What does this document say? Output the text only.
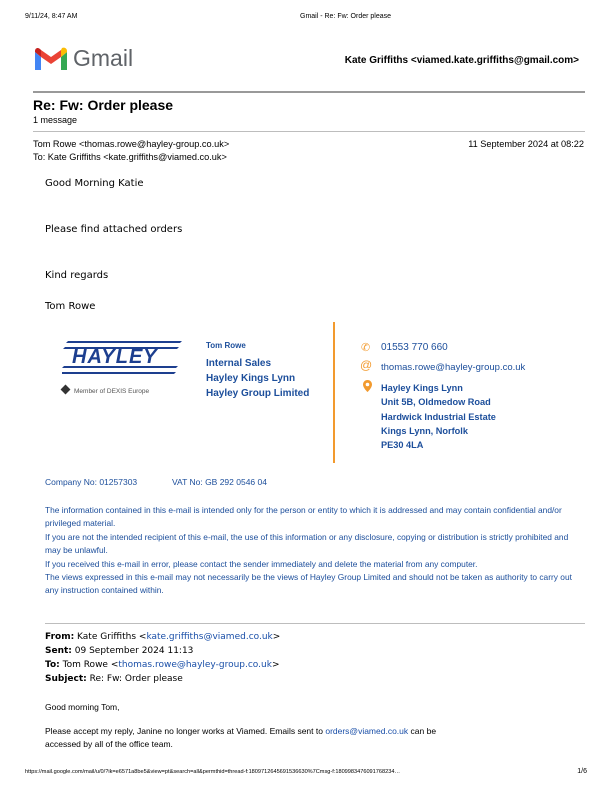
9/11/24, 8:47 AM	Gmail - Re: Fw: Order please
Gmail	Kate Griffiths <viamed.kate.griffiths@gmail.com>
Re: Fw: Order please
1 message
Tom Rowe <thomas.rowe@hayley-group.co.uk>	11 September 2024 at 08:22
To: Kate Griffiths <kate.griffiths@viamed.co.uk>
Good Morning Katie
Please find attached orders
Kind regards
Tom Rowe
HAYLEY
Member of DEXIS Europe
Tom Rowe
Internal Sales
Hayley Kings Lynn
Hayley Group Limited
✆ 01553 770 660
@ thomas.rowe@hayley-group.co.uk
Hayley Kings Lynn
Unit 5B, Oldmedow Road
Hardwick Industrial Estate
Kings Lynn, Norfolk
PE30 4LA
Company No: 01257303	VAT No: GB 292 0546 04
The information contained in this e-mail is intended only for the person or entity to which it is addressed and may contain confidential and/or privileged material.
If you are not the intended recipient of this e-mail, the use of this information or any disclosure, copying or distribution is strictly prohibited and may be unlawful.
If you received this e-mail in error, please contact the sender immediately and delete the material from any computer.
The views expressed in this e-mail may not necessarily be the views of Hayley Group Limited and should not be taken as authority to carry out any instruction contained within.
From: Kate Griffiths <kate.griffiths@viamed.co.uk>
Sent: 09 September 2024 11:13
To: Tom Rowe <thomas.rowe@hayley-group.co.uk>
Subject: Re: Fw: Order please
Good morning Tom,
Please accept my reply, Janine no longer works at Viamed. Emails sent to orders@viamed.co.uk can be
accessed by all of the office team.
https://mail.google.com/mail/u/0/?ik=e6571a8be5&view=pt&search=all&permthid=thread-f:1809712645691536630%7Cmsg-f:1809983476091768234…	1/6
